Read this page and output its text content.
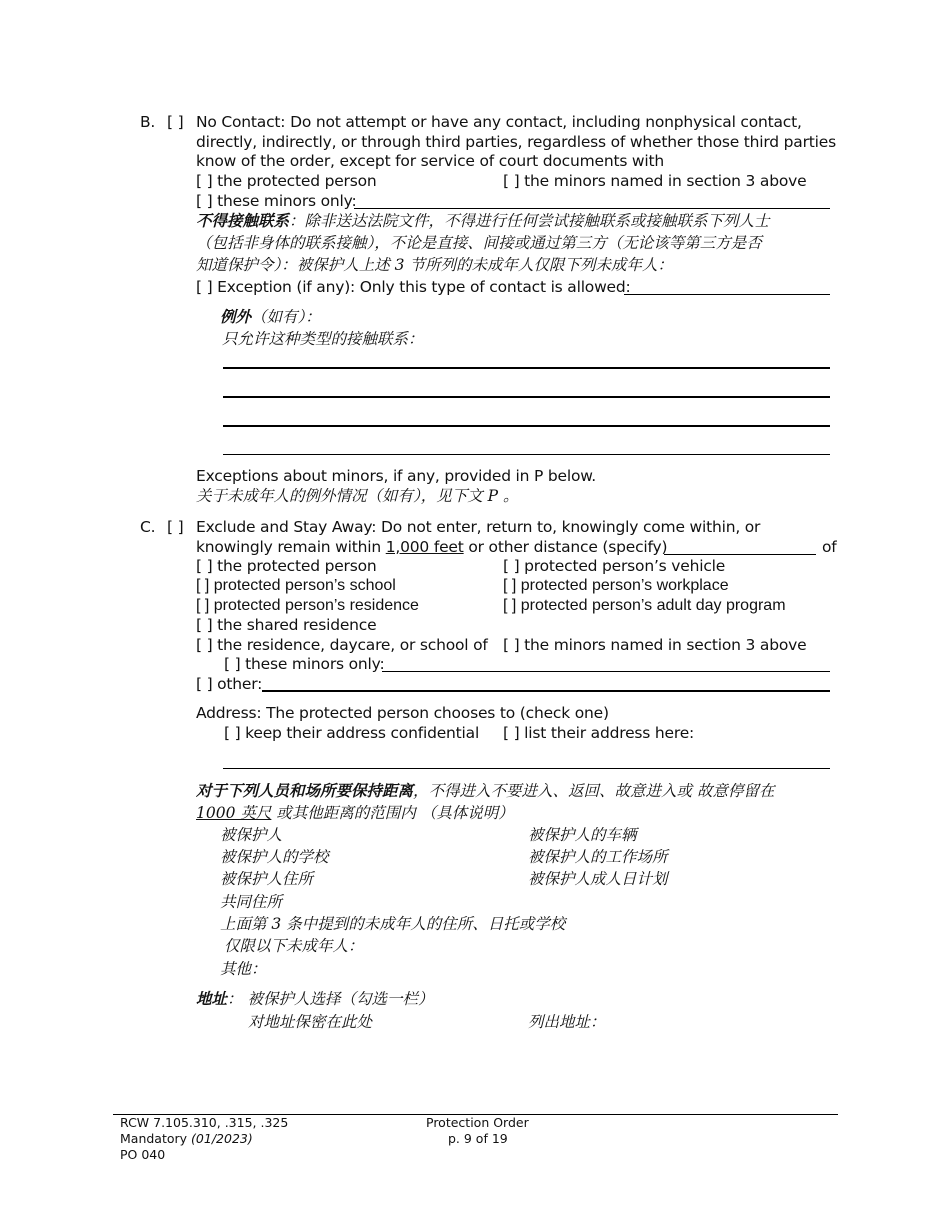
B. [ ] No Contact: Do not attempt or have any contact, including nonphysical contact,
directly, indirectly, or through third parties, regardless of whether those third parties
know of the order, except for service of court documents with
[ ] the protected person	[ ] the minors named in section 3 above
[ ] these minors only:
不得接触联系：除非送达法院文件，不得进行任何尝试接触联系或接触联系下列人士
（包括非身体的联系接触），不论是直接、间接或通过第三方（无论该等第三方是否
知道保护令）：被保护人上述 3 节所列的未成年人仅限下列未成年人：
[ ] Exception (if any): Only this type of contact is allowed:
例外（如有）：
只允许这种类型的接触联系：
Exceptions about minors, if any, provided in P below.
关于未成年人的例外情况（如有），见下文 P 。
C. [ ] Exclude and Stay Away: Do not enter, return to, knowingly come within, or
knowingly remain within 1,000 feet or other distance (specify)	of
[ ] the protected person	[ ] protected person’s vehicle
[ ] protected person’s school	[ ] protected person’s workplace
[ ] protected person’s residence	[ ] protected person’s adult day program
[ ] the shared residence
[ ] the residence, daycare, or school of [ ] the minors named in section 3 above
[ ] these minors only:
[ ] other:
Address: The protected person chooses to (check one)
[ ] keep their address confidential [ ] list their address here:
对于下列人员和场所要保持距离，不得进入不要进入、返回、故意进入或 故意停留在
1000 英尺 或其他距离的范围内 （具体说明）
被保护人	被保护人的车辆
被保护人的学校	被保护人的工作场所
被保护人住所	被保护人成人日计划
共同住所
上面第 3 条中提到的未成年人的住所、日托或学校
仅限以下未成年人：
其他：
地址： 被保护人选择（勾选一栏）
对地址保密在此处	列出地址：
RCW 7.105.310, .315, .325
Mandatory (01/2023)
PO 040
Protection Order
p. 9 of 19
